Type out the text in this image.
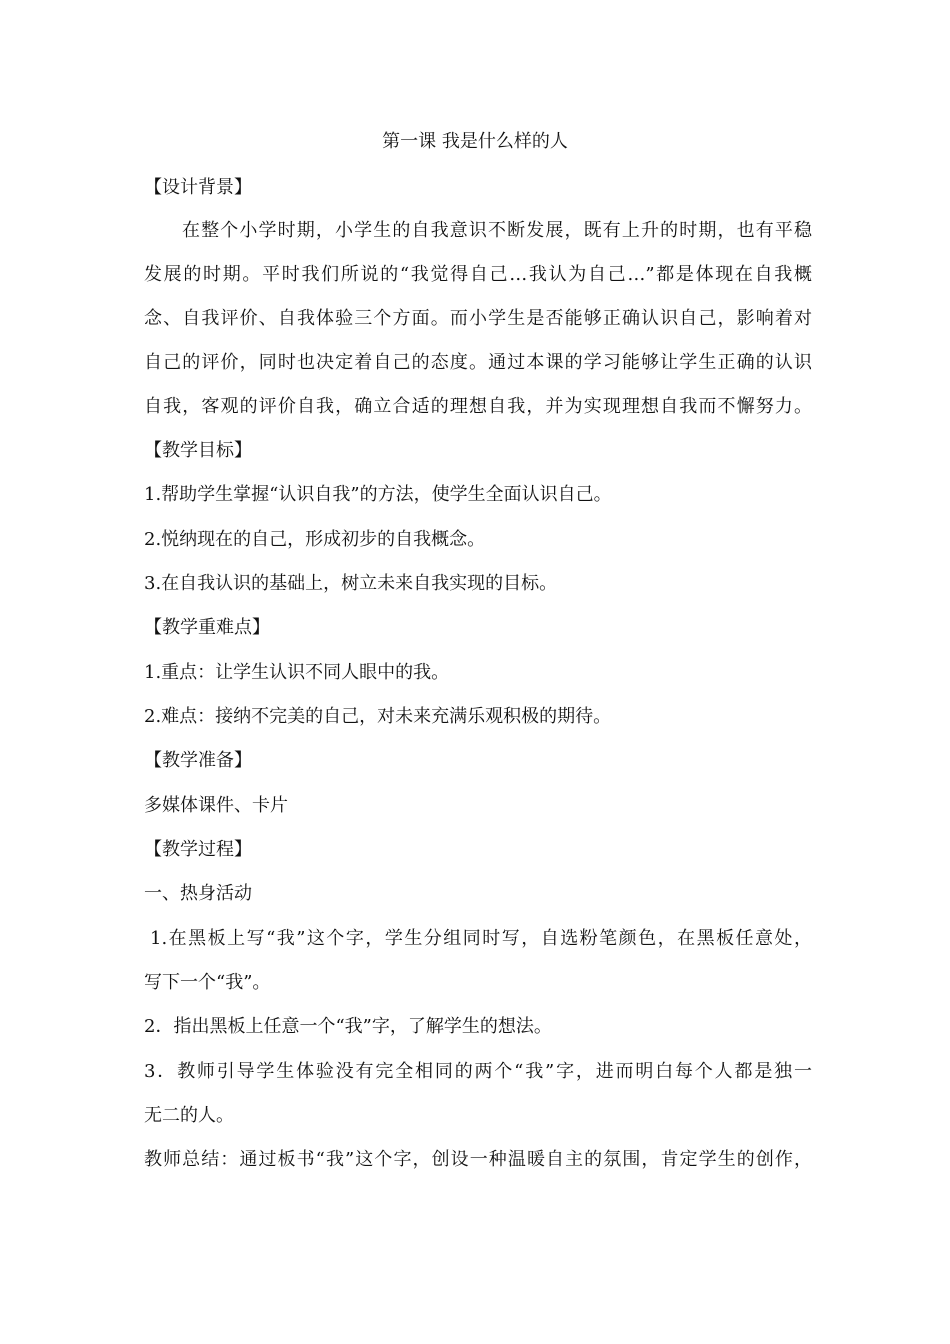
第一课 我是什么样的人
【设计背景】
在整个小学时期，小学生的自我意识不断发展，既有上升的时期，也有平稳
发展的时期。平时我们所说的“我觉得自己…我认为自己…”都是体现在自我概
念、自我评价、自我体验三个方面。而小学生是否能够正确认识自己，影响着对
自己的评价，同时也决定着自己的态度。通过本课的学习能够让学生正确的认识
自我，客观的评价自我，确立合适的理想自我，并为实现理想自我而不懈努力。
【教学目标】
1.帮助学生掌握“认识自我”的方法，使学生全面认识自己。
2.悦纳现在的自己，形成初步的自我概念。
3.在自我认识的基础上，树立未来自我实现的目标。
【教学重难点】
1.重点：让学生认识不同人眼中的我。
2.难点：接纳不完美的自己，对未来充满乐观积极的期待。
【教学准备】
多媒体课件、卡片
【教学过程】
一、热身活动
1.在黑板上写“我”这个字，学生分组同时写，自选粉笔颜色，在黑板任意处，
写下一个“我”。
2．指出黑板上任意一个“我”字，了解学生的想法。
3．教师引导学生体验没有完全相同的两个“我”字，进而明白每个人都是独一
无二的人。
教师总结：通过板书“我”这个字，创设一种温暖自主的氛围，肯定学生的创作，
